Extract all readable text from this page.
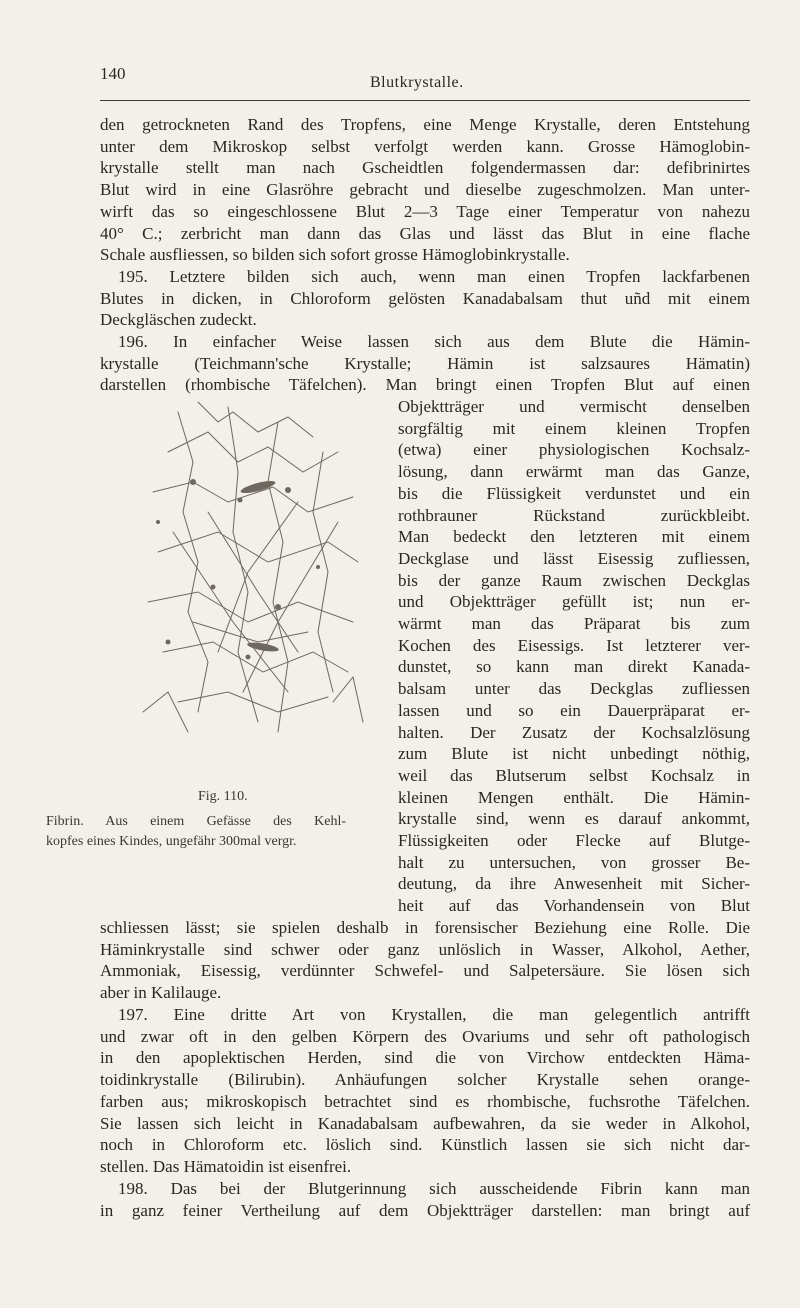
140	Blutkrystalle.
den getrockneten Rand des Tropfens, eine Menge Krystalle, deren Entstehung
unter dem Mikroskop selbst verfolgt werden kann. Grosse Hämoglobin-
krystalle stellt man nach Gscheidtlen folgendermassen dar: defibrinirtes
Blut wird in eine Glasröhre gebracht und dieselbe zugeschmolzen. Man unter-
wirft das so eingeschlossene Blut 2—3 Tage einer Temperatur von nahezu
40° C.; zerbricht man dann das Glas und lässt das Blut in eine flache
Schale ausfliessen, so bilden sich sofort grosse Hämoglobinkrystalle.
195. Letztere bilden sich auch, wenn man einen Tropfen lackfarbenen
Blutes in dicken, in Chloroform gelösten Kanadabalsam thut uñd mit einem
Deckgläschen zudeckt.
196. In einfacher Weise lassen sich aus dem Blute die Hämin-
krystalle (Teichmann'sche Krystalle; Hämin ist salzsaures Hämatin)
darstellen (rhombische Täfelchen). Man bringt einen Tropfen Blut auf einen
Fig. 110.
Fibrin. Aus einem Gefässe des Kehl-
kopfes eines Kindes, ungefähr 300mal vergr.
Objektträger und vermischt denselben
sorgfältig mit einem kleinen Tropfen
(etwa) einer physiologischen Kochsalz-
lösung, dann erwärmt man das Ganze,
bis die Flüssigkeit verdunstet und ein
rothbrauner Rückstand zurückbleibt.
Man bedeckt den letzteren mit einem
Deckglase und lässt Eisessig zufliessen,
bis der ganze Raum zwischen Deckglas
und Objektträger gefüllt ist; nun er-
wärmt man das Präparat bis zum
Kochen des Eisessigs. Ist letzterer ver-
dunstet, so kann man direkt Kanada-
balsam unter das Deckglas zufliessen
lassen und so ein Dauerpräparat er-
halten. Der Zusatz der Kochsalzlösung
zum Blute ist nicht unbedingt nöthig,
weil das Blutserum selbst Kochsalz in
kleinen Mengen enthält. Die Hämin-
krystalle sind, wenn es darauf ankommt,
Flüssigkeiten oder Flecke auf Blutge-
halt zu untersuchen, von grosser Be-
deutung, da ihre Anwesenheit mit Sicher-
heit auf das Vorhandensein von Blut
schliessen lässt; sie spielen deshalb in forensischer Beziehung eine Rolle. Die
Häminkrystalle sind schwer oder ganz unlöslich in Wasser, Alkohol, Aether,
Ammoniak, Eisessig, verdünnter Schwefel- und Salpetersäure. Sie lösen sich
aber in Kalilauge.
197. Eine dritte Art von Krystallen, die man gelegentlich antrifft
und zwar oft in den gelben Körpern des Ovariums und sehr oft pathologisch
in den apoplektischen Herden, sind die von Virchow entdeckten Häma-
toidinkrystalle (Bilirubin). Anhäufungen solcher Krystalle sehen orange-
farben aus; mikroskopisch betrachtet sind es rhombische, fuchsrothe Täfelchen.
Sie lassen sich leicht in Kanadabalsam aufbewahren, da sie weder in Alkohol,
noch in Chloroform etc. löslich sind. Künstlich lassen sie sich nicht dar-
stellen. Das Hämatoidin ist eisenfrei.
198. Das bei der Blutgerinnung sich ausscheidende Fibrin kann man
in ganz feiner Vertheilung auf dem Objektträger darstellen: man bringt auf
